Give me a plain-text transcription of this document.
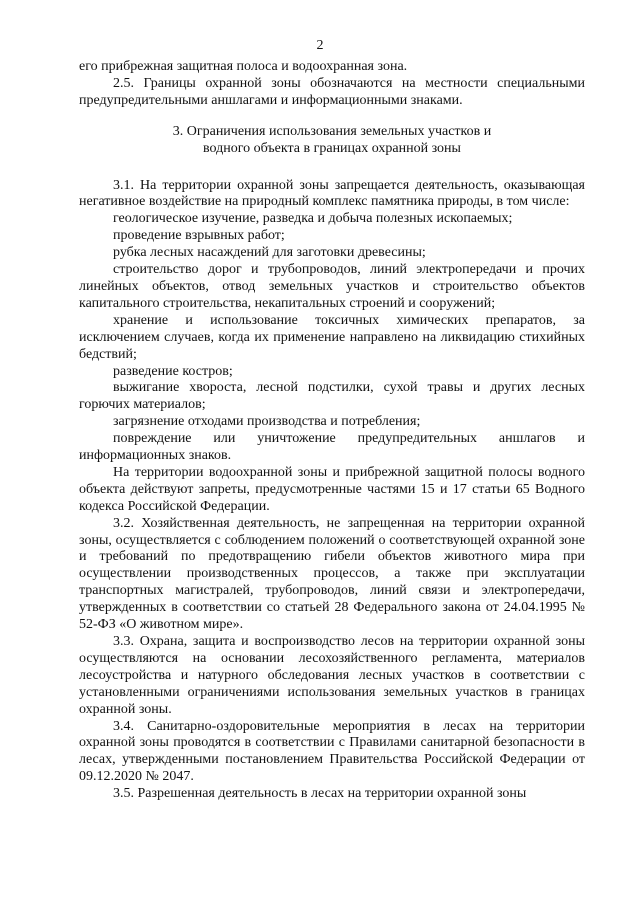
2

его прибрежная защитная полоса и водоохранная зона.

2.5. Границы охранной зоны обозначаются на местности специальными предупредительными аншлагами и информационными знаками.

3. Ограничения использования земельных участков и
водного объекта в границах охранной зоны

3.1. На территории охранной зоны запрещается деятельность, оказывающая негативное воздействие на природный комплекс памятника природы, в том числе:

геологическое изучение, разведка и добыча полезных ископаемых;

проведение взрывных работ;

рубка лесных насаждений для заготовки древесины;

строительство дорог и трубопроводов, линий электропередачи и прочих линейных объектов, отвод земельных участков и строительство объектов капитального строительства, некапитальных строений и сооружений;

хранение и использование токсичных химических препаратов, за исключением случаев, когда их применение направлено на ликвидацию стихийных бедствий;

разведение костров;

выжигание хвороста, лесной подстилки, сухой травы и других лесных горючих материалов;

загрязнение отходами производства и потребления;

повреждение или уничтожение предупредительных аншлагов и информационных знаков.

На территории водоохранной зоны и прибрежной защитной полосы водного объекта действуют запреты, предусмотренные частями 15 и 17 статьи 65 Водного кодекса Российской Федерации.

3.2. Хозяйственная деятельность, не запрещенная на территории охранной зоны, осуществляется с соблюдением положений о соответствующей охранной зоне и требований по предотвращению гибели объектов животного мира при осуществлении производственных процессов, а также при эксплуатации транспортных магистралей, трубопроводов, линий связи и электропередачи, утвержденных в соответствии со статьей 28 Федерального закона от 24.04.1995 № 52-ФЗ «О животном мире».

3.3. Охрана, защита и воспроизводство лесов на территории охранной зоны осуществляются на основании лесохозяйственного регламента, материалов лесоустройства и натурного обследования лесных участков в соответствии с установленными ограничениями использования земельных участков в границах охранной зоны.

3.4. Санитарно-оздоровительные мероприятия в лесах на территории охранной зоны проводятся в соответствии с Правилами санитарной безопасности в лесах, утвержденными постановлением Правительства Российской Федерации от 09.12.2020 № 2047.

3.5. Разрешенная деятельность в лесах на территории охранной зоны
